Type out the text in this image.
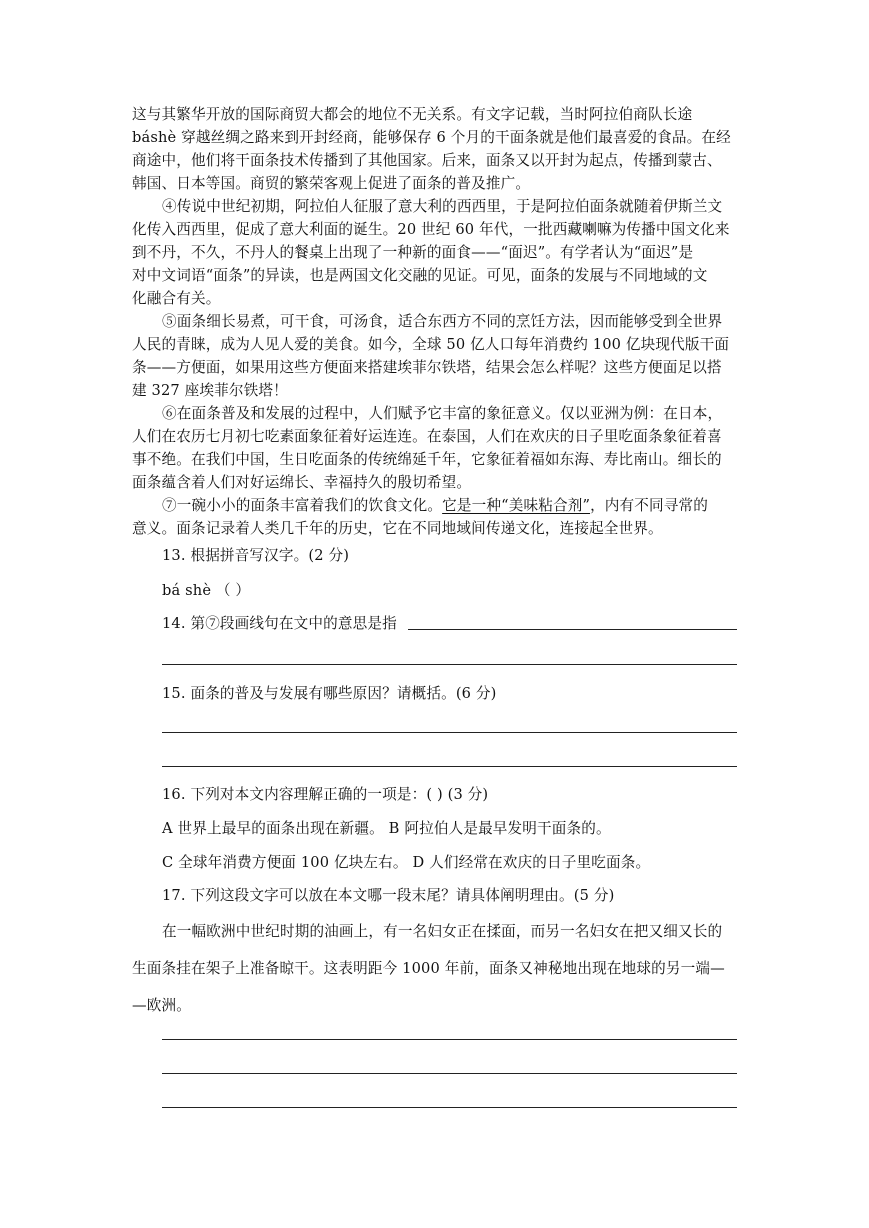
这与其繁华开放的国际商贸大都会的地位不无关系。有文字记载，当时阿拉伯商队长途
báshè 穿越丝绸之路来到开封经商，能够保存 6 个月的干面条就是他们最喜爱的食品。在经
商途中，他们将干面条技术传播到了其他国家。后来，面条又以开封为起点，传播到蒙古、
韩国、日本等国。商贸的繁荣客观上促进了面条的普及推广。
④传说中世纪初期，阿拉伯人征服了意大利的西西里，于是阿拉伯面条就随着伊斯兰文
化传入西西里，促成了意大利面的诞生。20 世纪 60 年代，一批西藏喇嘛为传播中国文化来
到不丹，不久，不丹人的餐桌上出现了一种新的面食——“面迟”。有学者认为“面迟”是
对中文词语“面条”的异读，也是两国文化交融的见证。可见，面条的发展与不同地域的文
化融合有关。
⑤面条细长易煮，可干食，可汤食，适合东西方不同的烹饪方法，因而能够受到全世界
人民的青睐，成为人见人爱的美食。如今，全球 50 亿人口每年消费约 100 亿块现代版干面
条——方便面，如果用这些方便面来搭建埃菲尔铁塔，结果会怎么样呢？这些方便面足以搭
建 327 座埃菲尔铁塔！
⑥在面条普及和发展的过程中，人们赋予它丰富的象征意义。仅以亚洲为例：在日本，
人们在农历七月初七吃素面象征着好运连连。在泰国，人们在欢庆的日子里吃面条象征着喜
事不绝。在我们中国，生日吃面条的传统绵延千年，它象征着福如东海、寿比南山。细长的
面条蕴含着人们对好运绵长、幸福持久的殷切希望。
⑦一碗小小的面条丰富着我们的饮食文化。它是一种“美味粘合剂”，内有不同寻常的
意义。面条记录着人类几千年的历史，它在不同地域间传递文化，连接起全世界。
13. 根据拼音写汉字。(2 分)
bá shè （ ）
14. 第⑦段画线句在文中的意思是指
15. 面条的普及与发展有哪些原因？请概括。(6 分)
16. 下列对本文内容理解正确的一项是：( ) (3 分)
A 世界上最早的面条出现在新疆。 B 阿拉伯人是最早发明干面条的。
C 全球年消费方便面 100 亿块左右。 D 人们经常在欢庆的日子里吃面条。
17. 下列这段文字可以放在本文哪一段末尾？请具体阐明理由。(5 分)
在一幅欧洲中世纪时期的油画上，有一名妇女正在揉面，而另一名妇女在把又细又长的
生面条挂在架子上准备晾干。这表明距今 1000 年前，面条又神秘地出现在地球的另一端—
—欧洲。
